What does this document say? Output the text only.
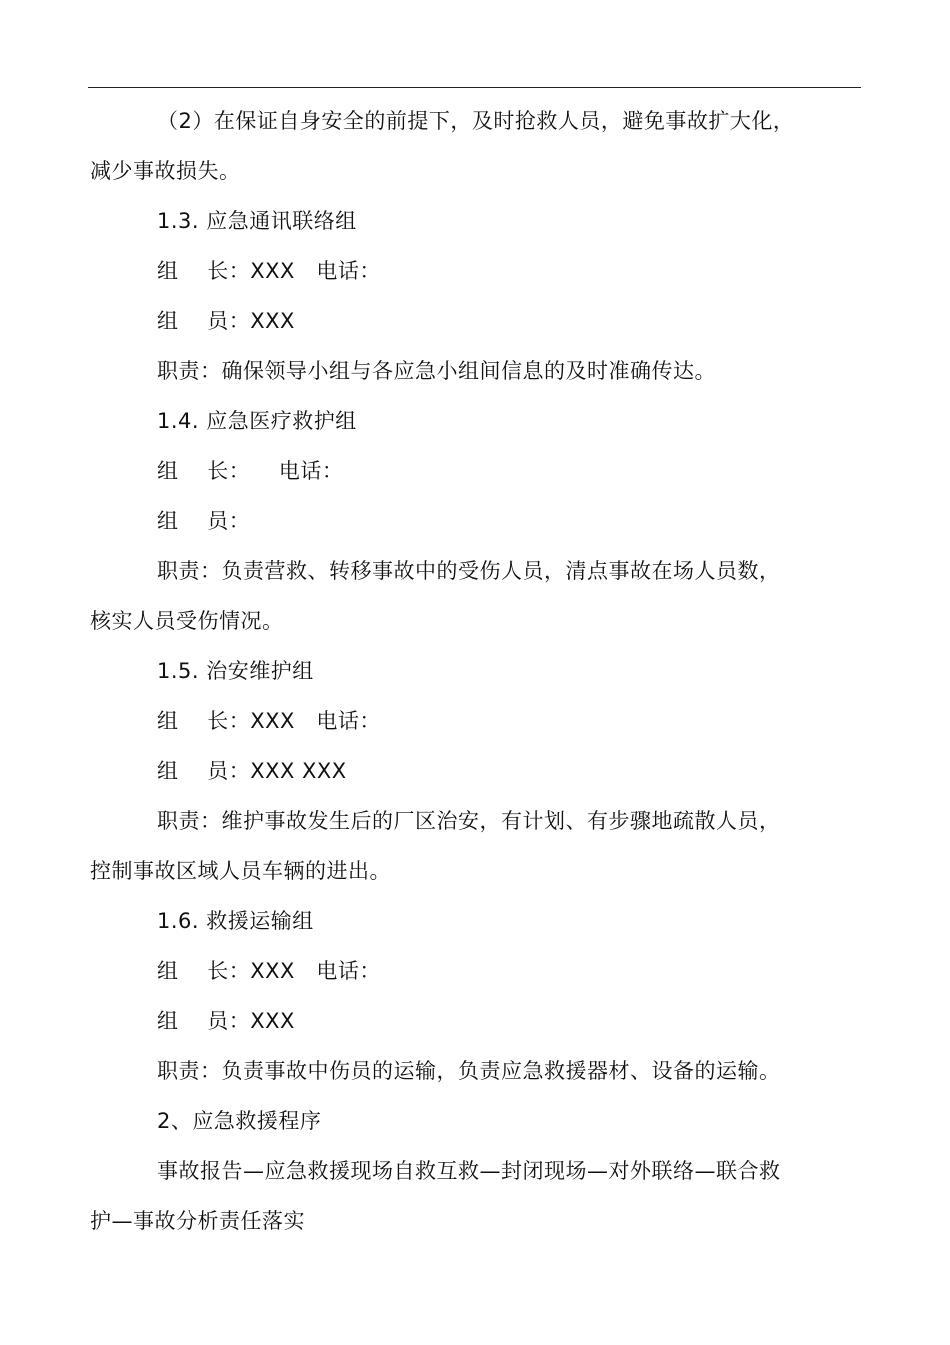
（2）在保证自身安全的前提下，及时抢救人员，避免事故扩大化，
减少事故损失。
1.3. 应急通讯联络组
组    长：XXX   电话：
组    员：XXX
职责：确保领导小组与各应急小组间信息的及时准确传达。
1.4. 应急医疗救护组
组    长：    电话：
组    员：
职责：负责营救、转移事故中的受伤人员，清点事故在场人员数，
核实人员受伤情况。
1.5. 治安维护组
组    长：XXX   电话：
组    员：XXX XXX
职责：维护事故发生后的厂区治安，有计划、有步骤地疏散人员，
控制事故区域人员车辆的进出。
1.6. 救援运输组
组    长：XXX   电话：
组    员：XXX
职责：负责事故中伤员的运输，负责应急救援器材、设备的运输。
2、应急救援程序
事故报告—应急救援现场自救互救—封闭现场—对外联络—联合救
护—事故分析责任落实
